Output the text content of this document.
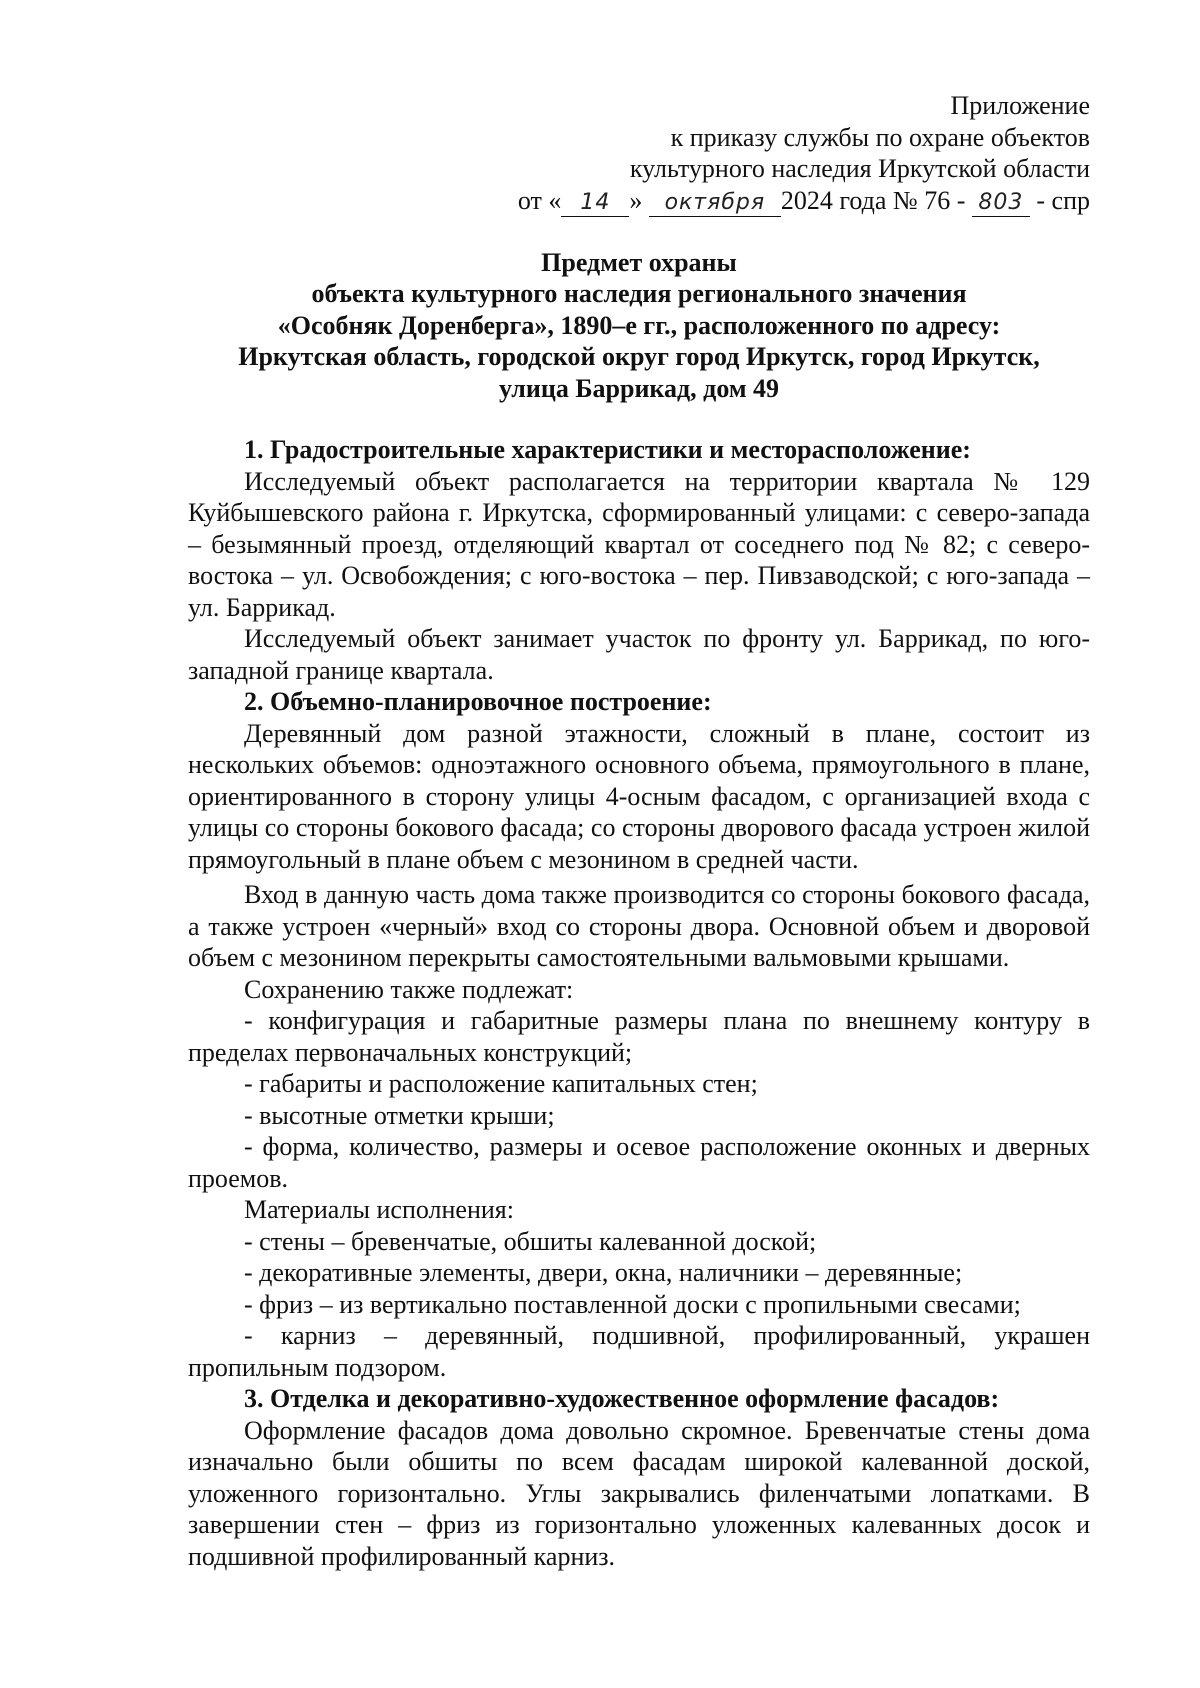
Приложение
к приказу службы по охране объектов
культурного наследия Иркутской области
от « 14 » октября 2024 года № 76 - 803 - спр
Предмет охраны
объекта культурного наследия регионального значения
«Особняк Доренберга», 1890–е гг., расположенного по адресу:
Иркутская область, городской округ город Иркутск, город Иркутск,
улица Баррикад, дом 49

1. Градостроительные характеристики и месторасположение:

Исследуемый объект располагается на территории квартала № 129 Куйбышевского района г. Иркутска, сформированный улицами: с северо-запада – безымянный проезд, отделяющий квартал от соседнего под № 82; с северо-востока – ул. Освобождения; с юго-востока – пер. Пивзаводской; с юго-запада – ул. Баррикад.

Исследуемый объект занимает участок по фронту ул. Баррикад, по юго-западной границе квартала.

2. Объемно-планировочное построение:

Деревянный дом разной этажности, сложный в плане, состоит из нескольких объемов: одноэтажного основного объема, прямоугольного в плане, ориентированного в сторону улицы 4-осным фасадом, с организацией входа с улицы со стороны бокового фасада; со стороны дворового фасада устроен жилой прямоугольный в плане объем с мезонином в средней части.

Вход в данную часть дома также производится со стороны бокового фасада, а также устроен «черный» вход со стороны двора. Основной объем и дворовой объем с мезонином перекрыты самостоятельными вальмовыми крышами.

Сохранению также подлежат:

- конфигурация и габаритные размеры плана по внешнему контуру в пределах первоначальных конструкций;

- габариты и расположение капитальных стен;

- высотные отметки крыши;

- форма, количество, размеры и осевое расположение оконных и дверных проемов.

Материалы исполнения:

- стены – бревенчатые, обшиты калеванной доской;

- декоративные элементы, двери, окна, наличники – деревянные;

- фриз – из вертикально поставленной доски с пропильными свесами;

- карниз – деревянный, подшивной, профилированный, украшен пропильным подзором.

3. Отделка и декоративно-художественное оформление фасадов:

Оформление фасадов дома довольно скромное. Бревенчатые стены дома изначально были обшиты по всем фасадам широкой калеванной доской, уложенного горизонтально. Углы закрывались филенчатыми лопатками. В завершении стен – фриз из горизонтально уложенных калеванных досок и подшивной профилированный карниз.
